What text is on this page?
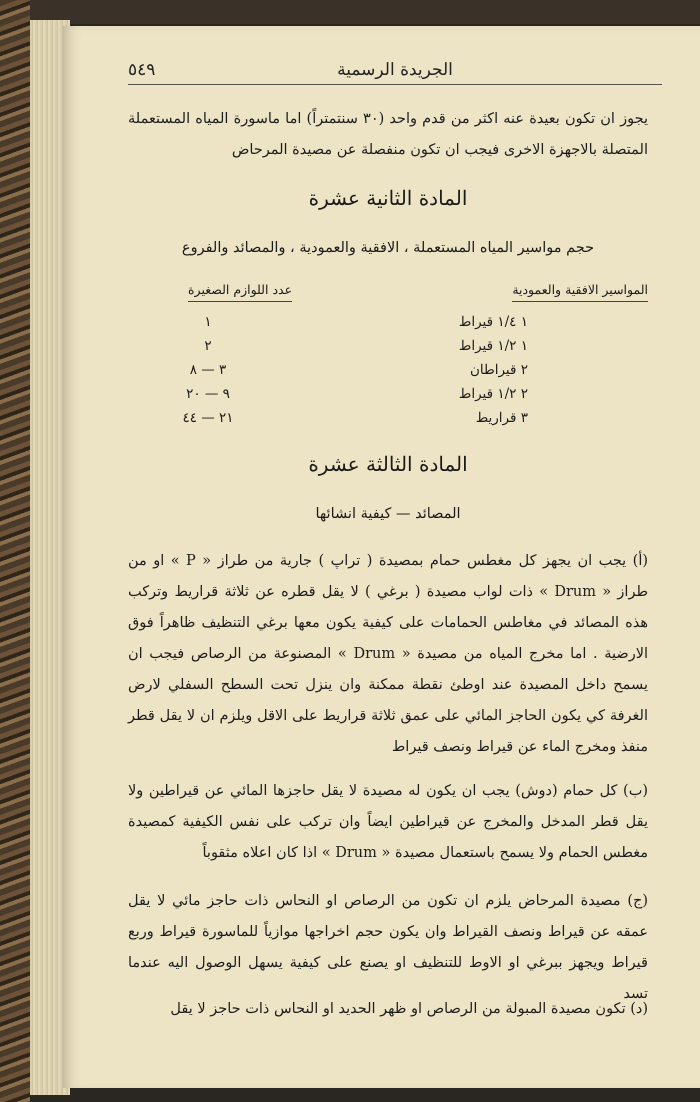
٥٤٩	الجريدة الرسمية
يجوز ان تكون بعيدة عنه اكثر من قدم واحد (٣٠ سنتمتراً) اما ماسورة المياه المستعملة المتصلة بالاجهزة الاخرى فيجب ان تكون منفصلة عن مصيدة المرحاض
المادة الثانية عشرة
حجم مواسير المياه المستعملة ، الافقية والعمودية ، والمصائد والفروع
المواسير الافقية والعمودية
عدد اللوازم الصغيرة
١ ١/٤ قيراط
١
١ ١/٢ قيراط
٢
٢ قيراطان
٣ — ٨
٢ ١/٢ قيراط
٩ — ٢٠
٣ قراريط
٢١ — ٤٤
المادة الثالثة عشرة
المصائد — كيفية انشائها
(أ) يجب ان يجهز كل مغطس حمام بمصيدة ( تراپ ) جارية من طراز « P » او من طراز « Drum » ذات لواب مصيدة ( برغي ) لا يقل قطره عن ثلاثة قراريط وتركب هذه المصائد في مغاطس الحمامات على كيفية يكون معها برغي التنظيف ظاهراً فوق الارضية . اما مخرج المياه من مصيدة « Drum » المصنوعة من الرصاص فيجب ان يسمح داخل المصيدة عند اوطئ نقطة ممكنة وان ينزل تحت السطح السفلي لارض الغرفة كي يكون الحاجز المائي على عمق ثلاثة قراريط على الاقل ويلزم ان لا يقل قطر منفذ ومخرج الماء عن قيراط ونصف قيراط
(ب) كل حمام (دوش) يجب ان يكون له مصيدة لا يقل حاجزها المائي عن قيراطين ولا يقل قطر المدخل والمخرج عن قيراطين ايضاً وان تركب على نفس الكيفية كمصيدة مغطس الحمام ولا يسمح باستعمال مصيدة « Drum » اذا كان اعلاه مثقوباً
(ج) مصيدة المرحاض يلزم ان تكون من الرصاص او النحاس ذات حاجز مائي لا يقل عمقه عن قيراط ونصف القيراط وان يكون حجم اخراجها موازياً للماسورة قيراط وربع قيراط ويجهز ببرغي او الاوط للتنظيف او يصنع على كيفية يسهل الوصول اليه عندما تسد
(د) تكون مصيدة المبولة من الرصاص او ظهر الحديد او النحاس ذات حاجز لا يقل
